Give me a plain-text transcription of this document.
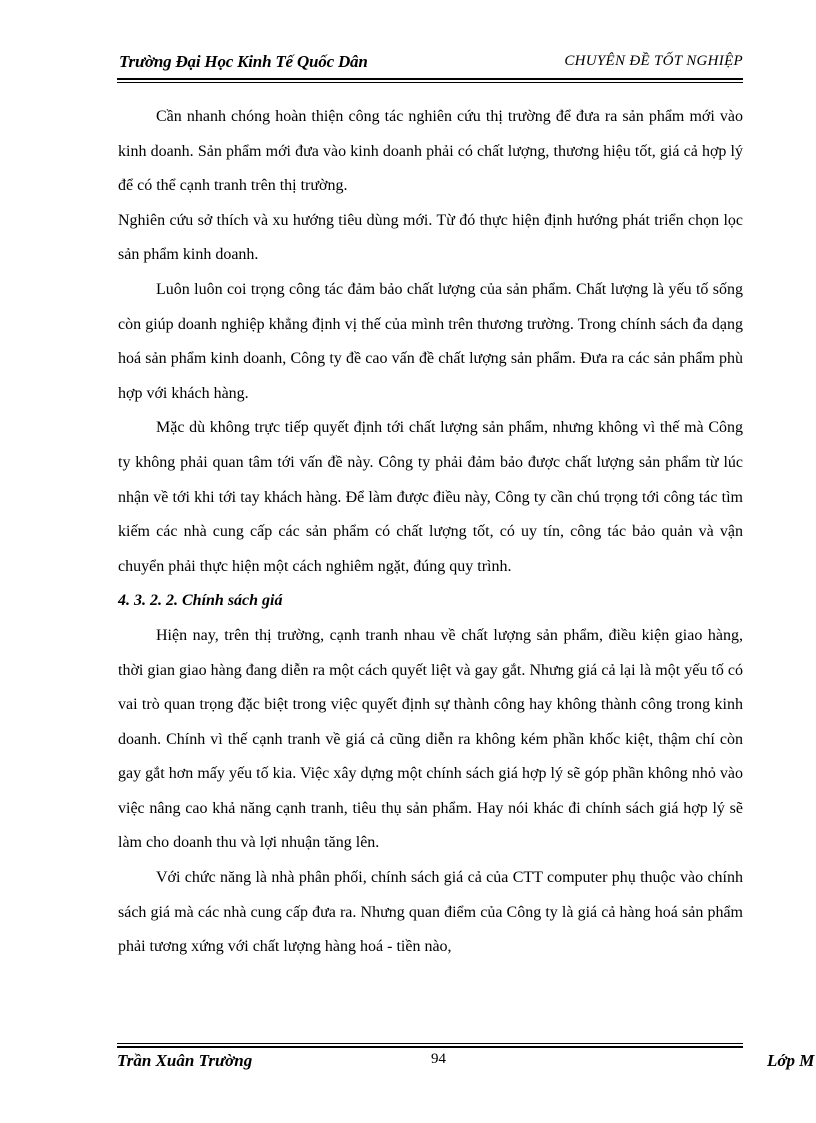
Trường Đại Học Kinh Tế Quốc Dân	CHUYÊN ĐỀ TỐT NGHIỆP

Cần nhanh chóng hoàn thiện công tác nghiên cứu thị trường để đưa ra sản phẩm mới vào kinh doanh. Sản phẩm mới đưa vào kinh doanh phải có chất lượng, thương hiệu tốt, giá cả hợp lý để có thể cạnh tranh trên thị trường.

Nghiên cứu sở thích và xu hướng tiêu dùng mới. Từ đó thực hiện định hướng phát triển chọn lọc sản phẩm kinh doanh.

Luôn luôn coi trọng công tác đảm bảo chất lượng của sản phẩm. Chất lượng là yếu tố sống còn giúp doanh nghiệp khẳng định vị thế của mình trên thương trường. Trong chính sách đa dạng hoá sản phẩm kinh doanh, Công ty đề cao vấn đề chất lượng sản phẩm. Đưa ra các sản phẩm phù hợp với khách hàng.

Mặc dù không trực tiếp quyết định tới chất lượng sản phẩm, nhưng không vì thế mà Công ty không phải quan tâm tới vấn đề này. Công ty phải đảm bảo được chất lượng sản phẩm từ lúc nhận về tới khi tới tay khách hàng. Để làm được điều này, Công ty cần chú trọng tới công tác tìm kiếm các nhà cung cấp các sản phẩm có chất lượng tốt, có uy tín, công tác bảo quản và vận chuyển phải thực hiện một cách nghiêm ngặt, đúng quy trình.

4. 3. 2. 2. Chính sách giá

Hiện nay, trên thị trường, cạnh tranh nhau về chất lượng sản phẩm, điều kiện giao hàng, thời gian giao hàng đang diễn ra một cách quyết liệt và gay gắt. Nhưng giá cả lại là một yếu tố có vai trò quan trọng đặc biệt trong việc quyết định sự thành công hay không thành công trong kinh doanh. Chính vì thế cạnh tranh về giá cả cũng diễn ra không kém phần khốc kiệt, thậm chí còn gay gắt hơn mấy yếu tố kia. Việc xây dựng một chính sách giá hợp lý sẽ góp phần không nhỏ vào việc nâng cao khả năng cạnh tranh, tiêu thụ sản phẩm. Hay nói khác đi chính sách giá hợp lý sẽ làm cho doanh thu và lợi nhuận tăng lên.

Với chức năng là nhà phân phối, chính sách giá cả của CTT computer phụ thuộc vào chính sách giá mà các nhà cung cấp đưa ra. Nhưng quan điểm của Công ty là giá cả hàng hoá sản phẩm phải tương xứng với chất lượng hàng hoá - tiền nào,

Trần Xuân Trường	94	Lớp M
